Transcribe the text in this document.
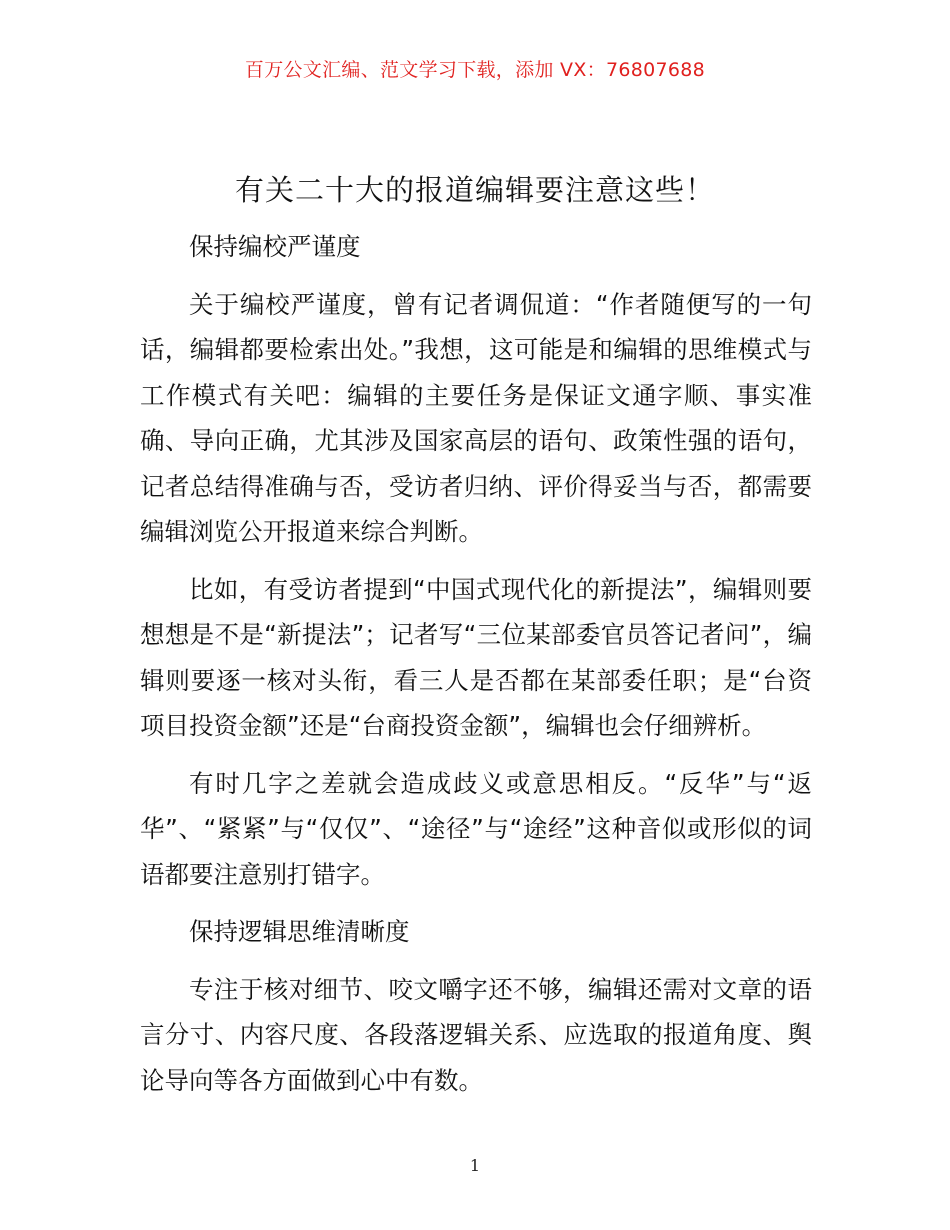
百万公文汇编、范文学习下载，添加 VX：76807688
有关二十大的报道编辑要注意这些！

保持编校严谨度

关于编校严谨度，曾有记者调侃道：“作者随便写的一句话，编辑都要检索出处。”我想，这可能是和编辑的思维模式与工作模式有关吧：编辑的主要任务是保证文通字顺、事实准确、导向正确，尤其涉及国家高层的语句、政策性强的语句，记者总结得准确与否，受访者归纳、评价得妥当与否，都需要编辑浏览公开报道来综合判断。

比如，有受访者提到“中国式现代化的新提法”，编辑则要想想是不是“新提法”；记者写“三位某部委官员答记者问”，编辑则要逐一核对头衔，看三人是否都在某部委任职；是“台资项目投资金额”还是“台商投资金额”，编辑也会仔细辨析。

有时几字之差就会造成歧义或意思相反。“反华”与“返华”、“紧紧”与“仅仅”、“途径”与“途经”这种音似或形似的词语都要注意别打错字。

保持逻辑思维清晰度

专注于核对细节、咬文嚼字还不够，编辑还需对文章的语言分寸、内容尺度、各段落逻辑关系、应选取的报道角度、舆论导向等各方面做到心中有数。

1
